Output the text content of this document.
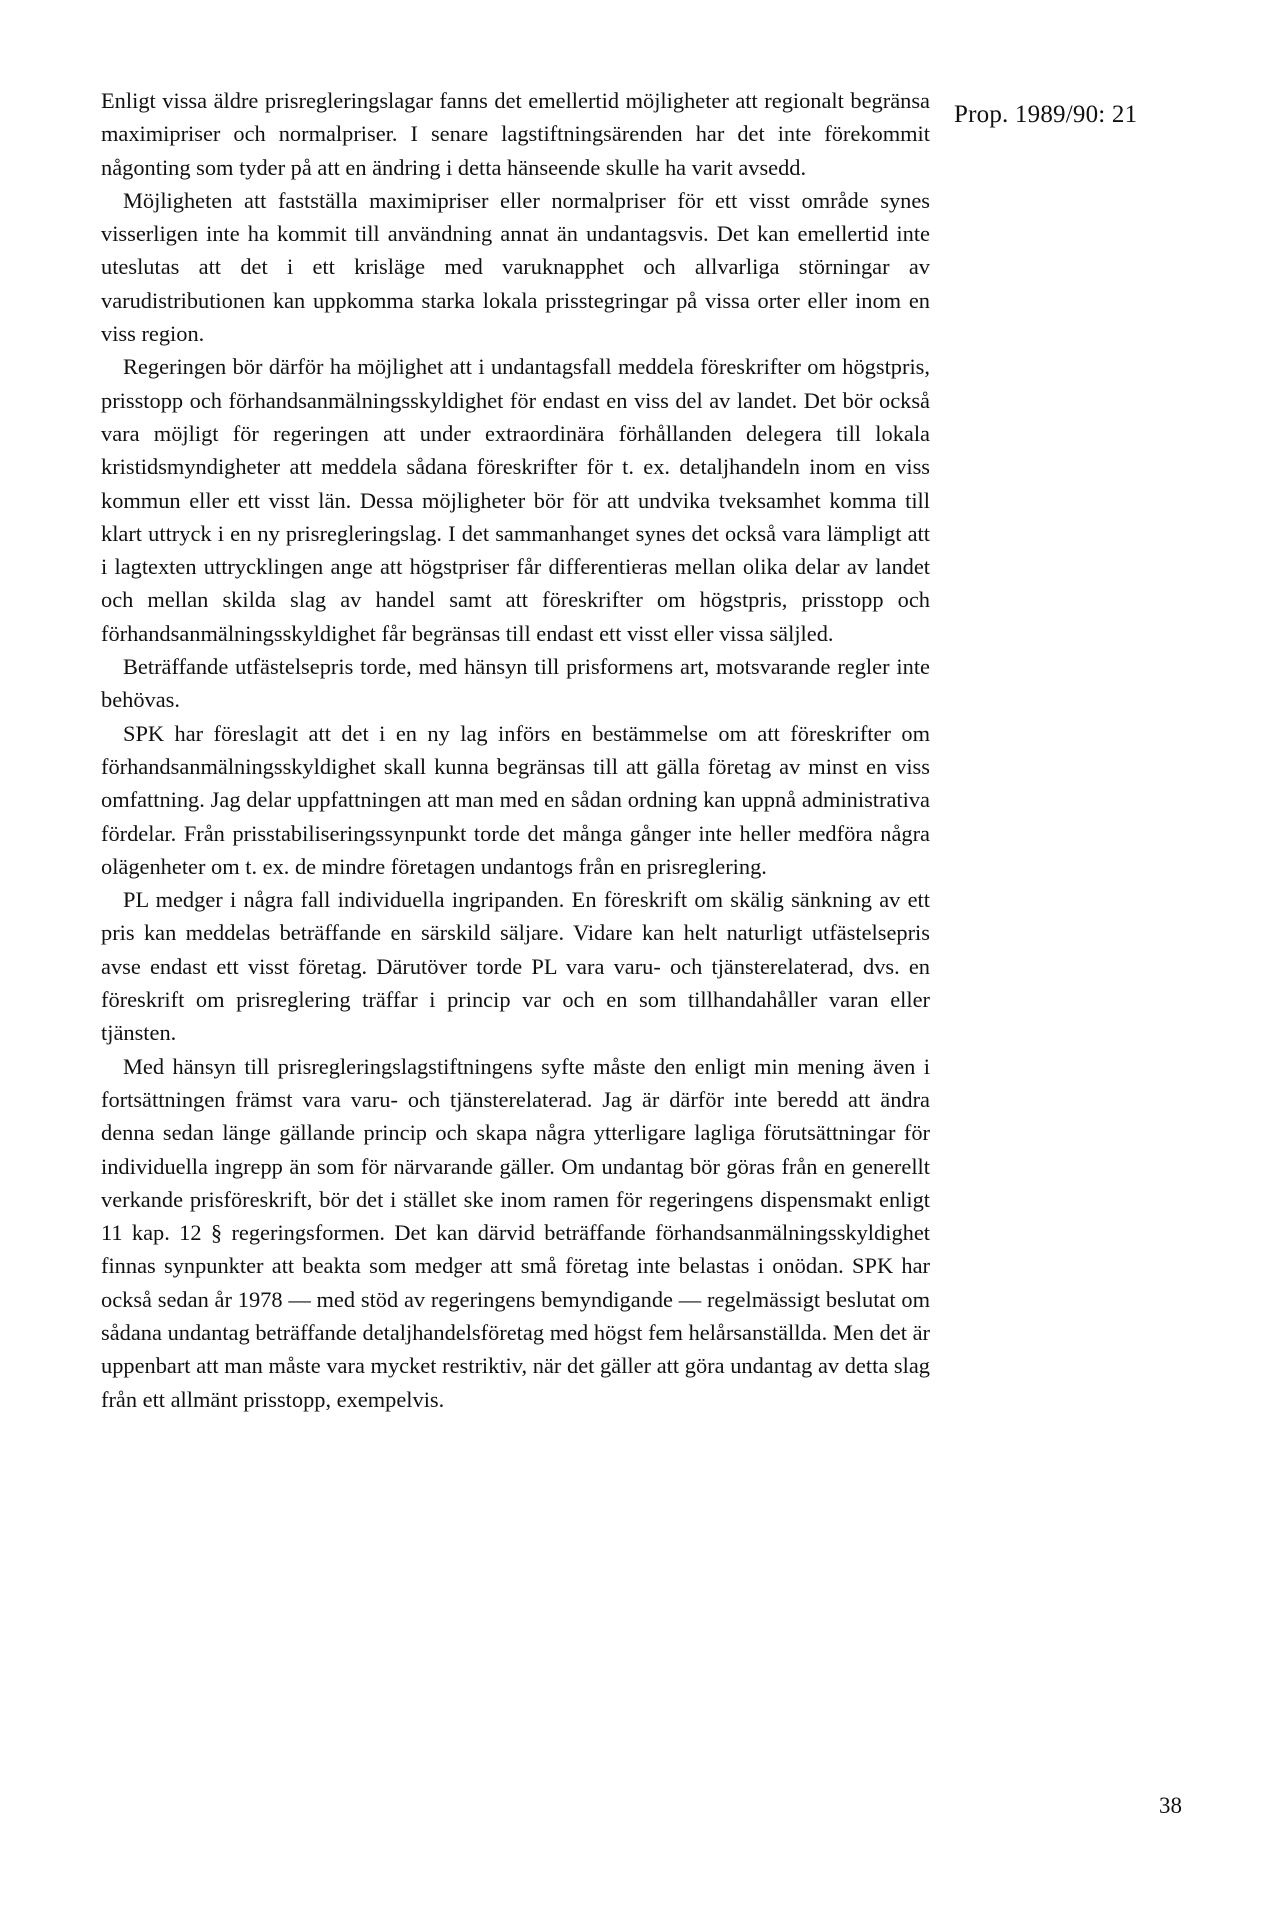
Enligt vissa äldre prisregleringslagar fanns det emellertid möjligheter att regionalt begränsa maximipriser och normalpriser. I senare lagstiftningsärenden har det inte förekommit någonting som tyder på att en ändring i detta hänseende skulle ha varit avsedd.

Möjligheten att fastställa maximipriser eller normalpriser för ett visst område synes visserligen inte ha kommit till användning annat än undantagsvis. Det kan emellertid inte uteslutas att det i ett krisläge med varuknapphet och allvarliga störningar av varudistributionen kan uppkomma starka lokala prisstegringar på vissa orter eller inom en viss region.

Regeringen bör därför ha möjlighet att i undantagsfall meddela föreskrifter om högstpris, prisstopp och förhandsanmälningsskyldighet för endast en viss del av landet. Det bör också vara möjligt för regeringen att under extraordinära förhållanden delegera till lokala kristidsmyndigheter att meddela sådana föreskrifter för t. ex. detaljhandeln inom en viss kommun eller ett visst län. Dessa möjligheter bör för att undvika tveksamhet komma till klart uttryck i en ny prisregleringslag. I det sammanhanget synes det också vara lämpligt att i lagtexten uttrycklingen ange att högstpriser får differentieras mellan olika delar av landet och mellan skilda slag av handel samt att föreskrifter om högstpris, prisstopp och förhandsanmälningsskyldighet får begränsas till endast ett visst eller vissa säljled.

Beträffande utfästelsepris torde, med hänsyn till prisformens art, motsvarande regler inte behövas.

SPK har föreslagit att det i en ny lag införs en bestämmelse om att föreskrifter om förhandsanmälningsskyldighet skall kunna begränsas till att gälla företag av minst en viss omfattning. Jag delar uppfattningen att man med en sådan ordning kan uppnå administrativa fördelar. Från prisstabiliseringssynpunkt torde det många gånger inte heller medföra några olägenheter om t. ex. de mindre företagen undantogs från en prisreglering.

PL medger i några fall individuella ingripanden. En föreskrift om skälig sänkning av ett pris kan meddelas beträffande en särskild säljare. Vidare kan helt naturligt utfästelsepris avse endast ett visst företag. Därutöver torde PL vara varu- och tjänsterelaterad, dvs. en föreskrift om prisreglering träffar i princip var och en som tillhandahåller varan eller tjänsten.

Med hänsyn till prisregleringslagstiftningens syfte måste den enligt min mening även i fortsättningen främst vara varu- och tjänsterelaterad. Jag är därför inte beredd att ändra denna sedan länge gällande princip och skapa några ytterligare lagliga förutsättningar för individuella ingrepp än som för närvarande gäller. Om undantag bör göras från en generellt verkande prisföreskrift, bör det i stället ske inom ramen för regeringens dispensmakt enligt 11 kap. 12 § regeringsformen. Det kan därvid beträffande förhandsanmälningsskyldighet finnas synpunkter att beakta som medger att små företag inte belastas i onödan. SPK har också sedan år 1978 — med stöd av regeringens bemyndigande — regelmässigt beslutat om sådana undantag beträffande detaljhandelsföretag med högst fem helårsanställda. Men det är uppenbart att man måste vara mycket restriktiv, när det gäller att göra undantag av detta slag från ett allmänt prisstopp, exempelvis.

Prop. 1989/90: 21
38
